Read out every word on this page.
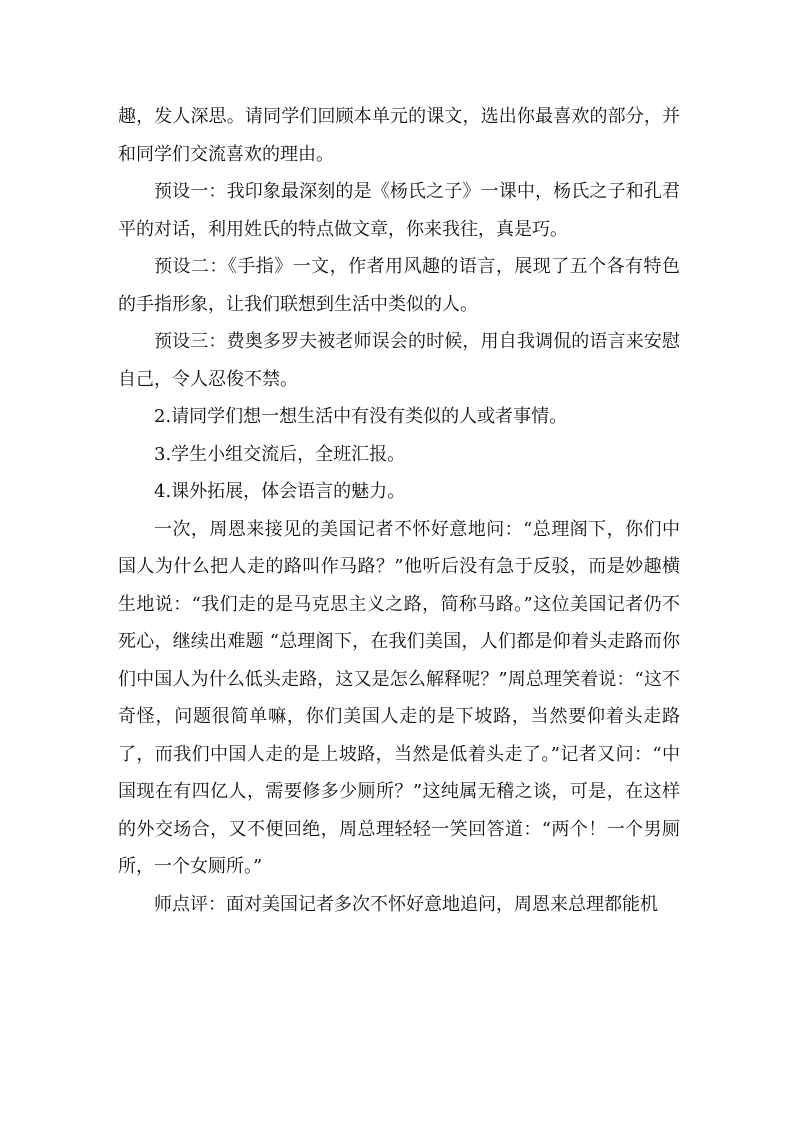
趣，发人深思。请同学们回顾本单元的课文，选出你最喜欢的部分，并和同学们交流喜欢的理由。

预设一：我印象最深刻的是《杨氏之子》一课中，杨氏之子和孔君平的对话，利用姓氏的特点做文章，你来我往，真是巧。

预设二：《手指》一文，作者用风趣的语言，展现了五个各有特色的手指形象，让我们联想到生活中类似的人。

预设三：费奥多罗夫被老师误会的时候，用自我调侃的语言来安慰自己，令人忍俊不禁。

2.请同学们想一想生活中有没有类似的人或者事情。

3.学生小组交流后，全班汇报。

4.课外拓展，体会语言的魅力。

一次，周恩来接见的美国记者不怀好意地问：“总理阁下，你们中国人为什么把人走的路叫作马路？”他听后没有急于反驳，而是妙趣横生地说：“我们走的是马克思主义之路，简称马路。”这位美国记者仍不死心，继续出难题 “总理阁下，在我们美国，人们都是仰着头走路而你们中国人为什么低头走路，这又是怎么解释呢？”周总理笑着说：“这不奇怪，问题很简单嘛，你们美国人走的是下坡路，当然要仰着头走路了，而我们中国人走的是上坡路，当然是低着头走了。”记者又问：“中国现在有四亿人，需要修多少厕所？”这纯属无稽之谈，可是，在这样的外交场合，又不便回绝，周总理轻轻一笑回答道：“两个！一个男厕所，一个女厕所。”

师点评：面对美国记者多次不怀好意地追问，周恩来总理都能机
